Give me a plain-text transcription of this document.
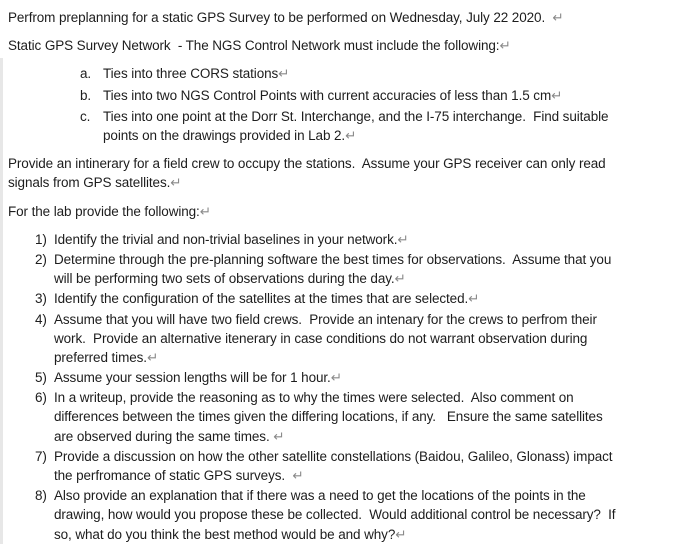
Perfrom preplanning for a static GPS Survey to be performed on Wednesday, July 22 2020.  ↵
Static GPS Survey Network  - The NGS Control Network must include the following:↵
a. Ties into three CORS stations↵
b. Ties into two NGS Control Points with current accuracies of less than 1.5 cm↵
c. Ties into one point at the Dorr St. Interchange, and the I-75 interchange.  Find suitable
points on the drawings provided in Lab 2.↵
Provide an intinerary for a field crew to occupy the stations.  Assume your GPS receiver can only read
signals from GPS satellites.↵
For the lab provide the following:↵
1) Identify the trivial and non-trivial baselines in your network.↵
2) Determine through the pre-planning software the best times for observations.  Assume that you
will be performing two sets of observations during the day.↵
3) Identify the configuration of the satellites at the times that are selected.↵
4) Assume that you will have two field crews.  Provide an intenary for the crews to perfrom their
work.  Provide an alternative itenerary in case conditions do not warrant observation during
preferred times.↵
5) Assume your session lengths will be for 1 hour.↵
6) In a writeup, provide the reasoning as to why the times were selected.  Also comment on
differences between the times given the differing locations, if any.   Ensure the same satellites
are observed during the same times. ↵
7) Provide a discussion on how the other satellite constellations (Baidou, Galileo, Glonass) impact
the perfromance of static GPS surveys.  ↵
8) Also provide an explanation that if there was a need to get the locations of the points in the
drawing, how would you propose these be collected.  Would additional control be necessary?  If
so, what do you think the best method would be and why?↵
